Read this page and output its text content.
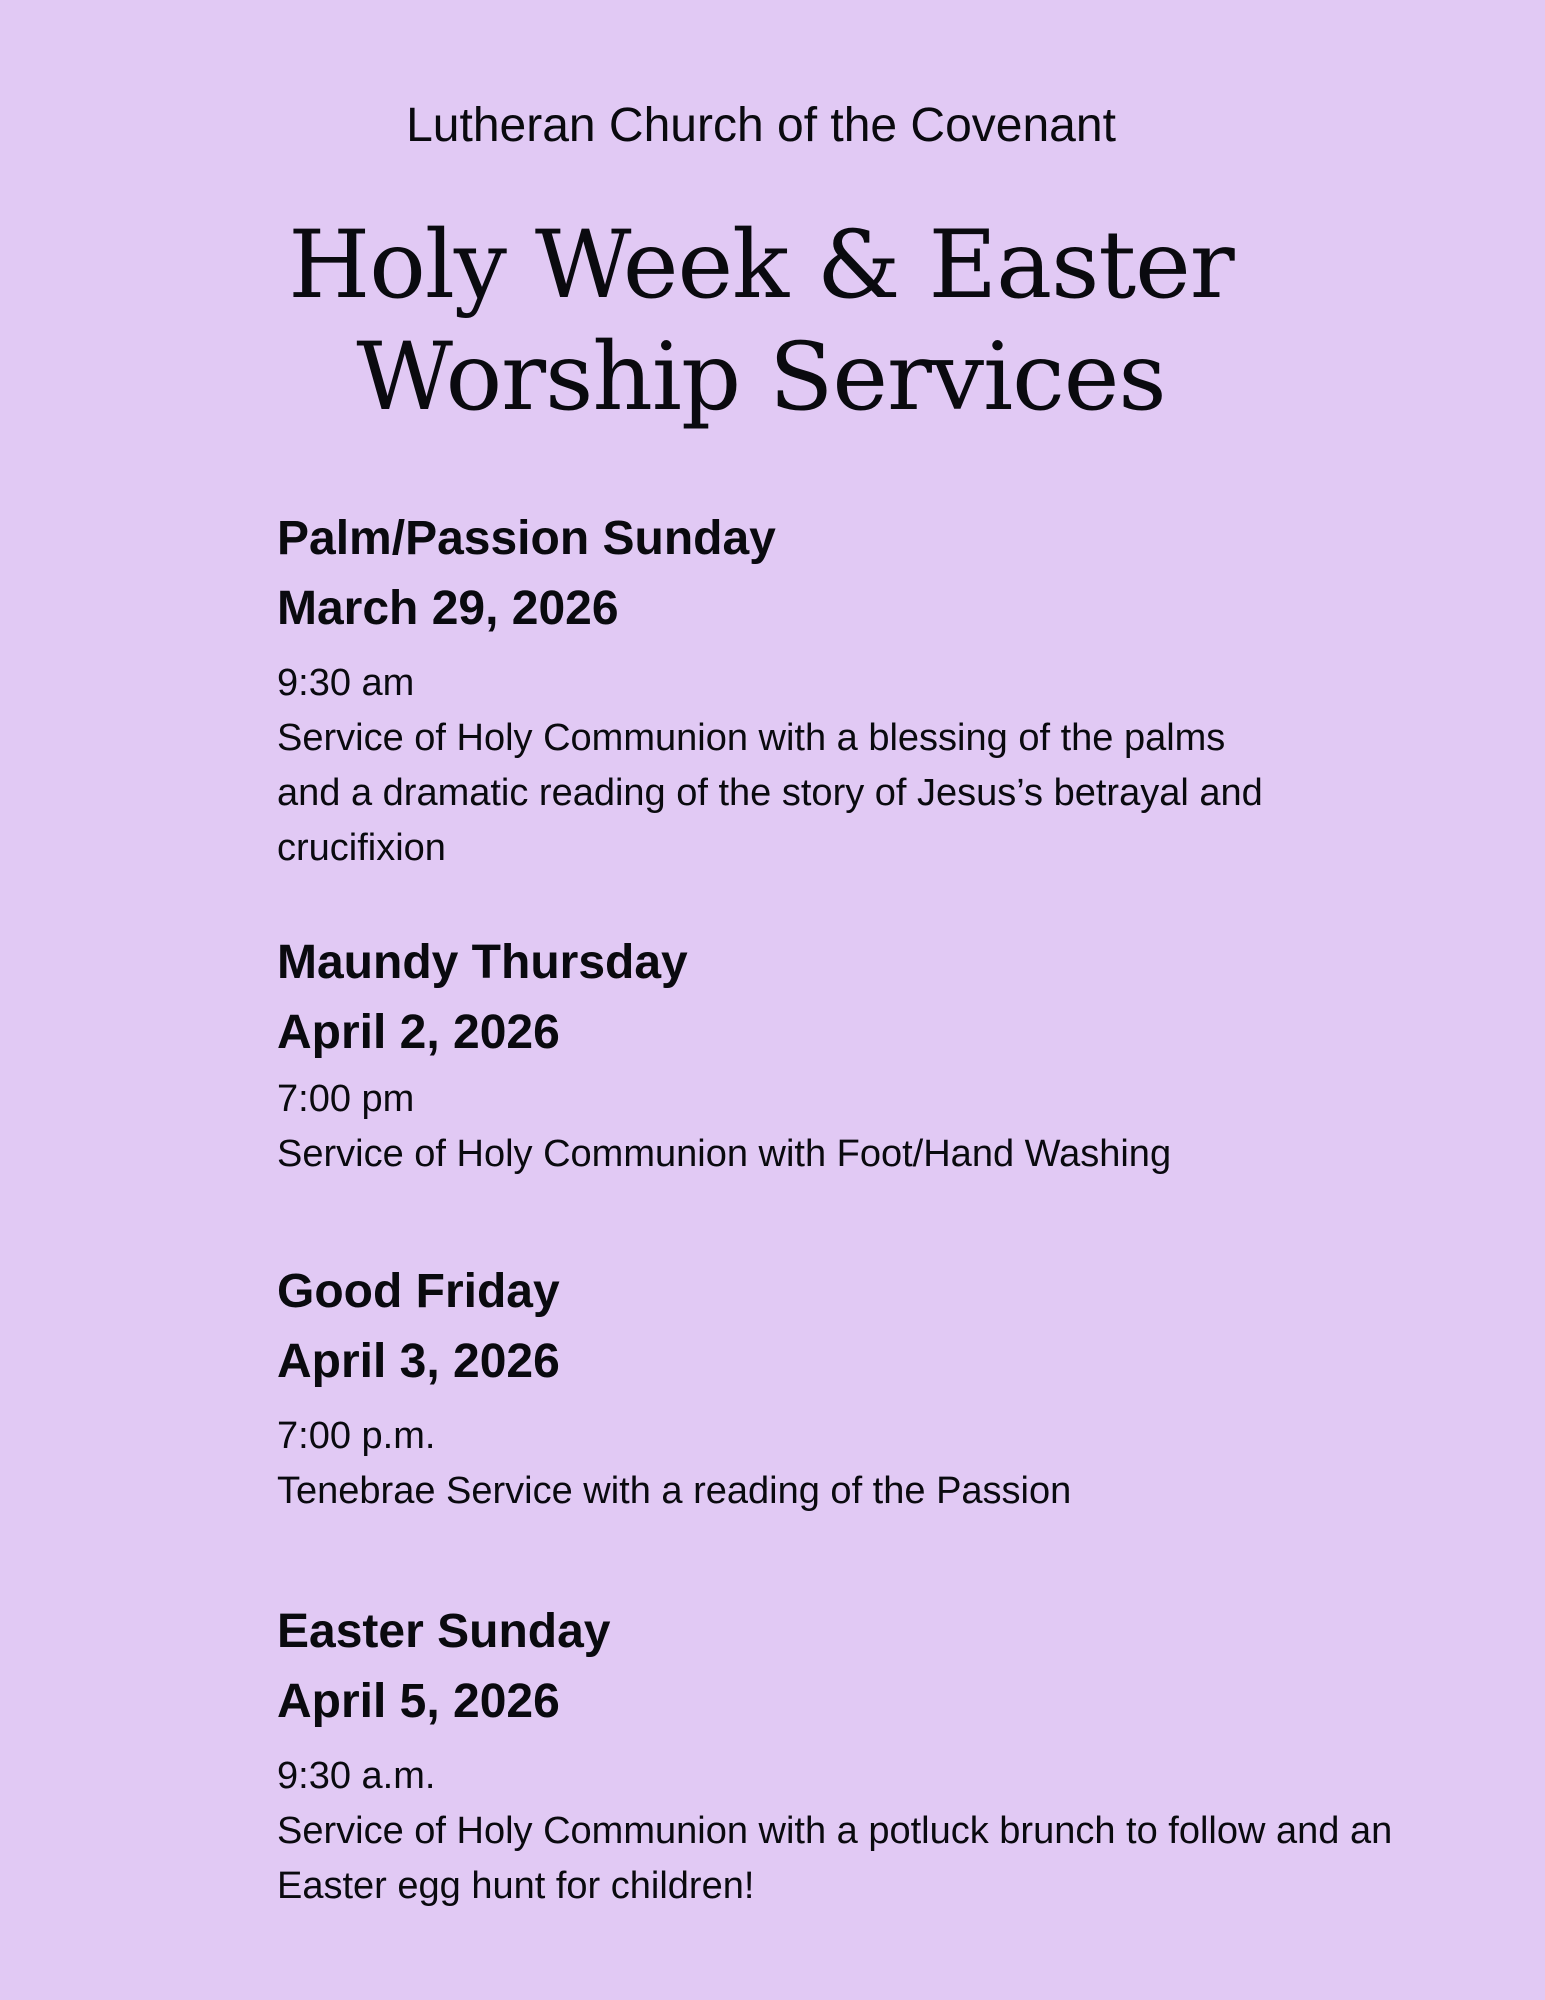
Lutheran Church of the Covenant
Holy Week & Easter
Worship Services
Palm/Passion Sunday
March 29, 2026
9:30 am
Service of Holy Communion with a blessing of the palms and a dramatic reading of the story of Jesus’s betrayal and crucifixion
Maundy Thursday
April 2, 2026
7:00 pm
Service of Holy Communion with Foot/Hand Washing
Good Friday
April 3, 2026
7:00 p.m.
Tenebrae Service with a reading of the Passion
Easter Sunday
April 5, 2026
9:30 a.m.
Service of Holy Communion with a potluck brunch to follow and an Easter egg hunt for children!
